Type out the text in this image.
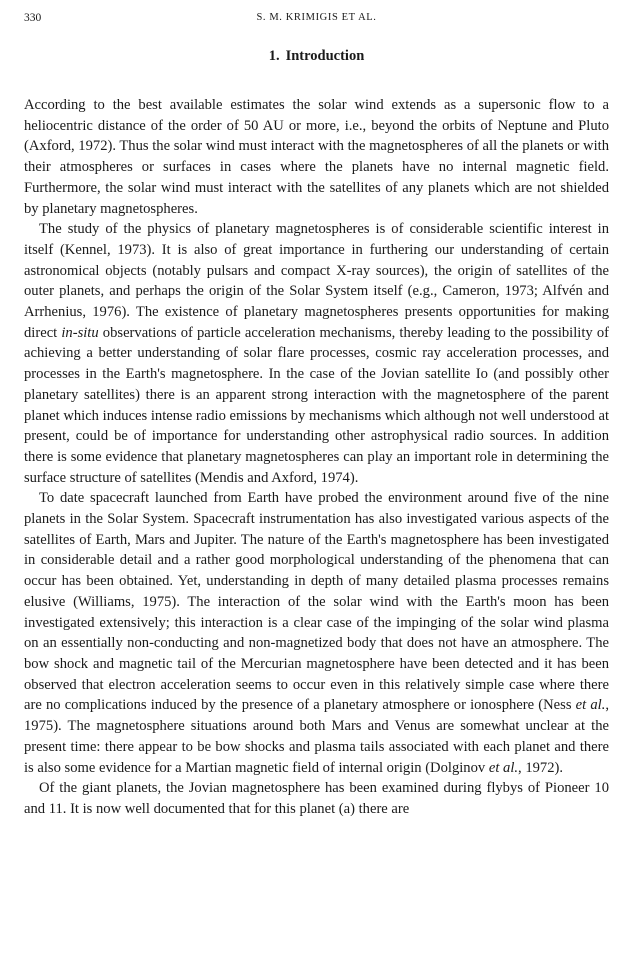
330	S. M. KRIMIGIS ET AL.
1. Introduction

According to the best available estimates the solar wind extends as a supersonic flow to a heliocentric distance of the order of 50 AU or more, i.e., beyond the orbits of Neptune and Pluto (Axford, 1972). Thus the solar wind must interact with the magnetospheres of all the planets or with their atmospheres or surfaces in cases where the planets have no internal magnetic field. Furthermore, the solar wind must interact with the satellites of any planets which are not shielded by planetary magnetospheres.

The study of the physics of planetary magnetospheres is of considerable scientific interest in itself (Kennel, 1973). It is also of great importance in furthering our understanding of certain astronomical objects (notably pulsars and compact X-ray sources), the origin of satellites of the outer planets, and perhaps the origin of the Solar System itself (e.g., Cameron, 1973; Alfvén and Arrhenius, 1976). The existence of planetary magnetospheres presents opportunities for making direct in-situ observations of particle acceleration mechanisms, thereby leading to the possibility of achieving a better understanding of solar flare processes, cosmic ray acceleration processes, and processes in the Earth's magnetosphere. In the case of the Jovian satellite Io (and possibly other planetary satellites) there is an apparent strong interaction with the magnetosphere of the parent planet which induces intense radio emissions by mechanisms which although not well understood at present, could be of importance for understanding other astrophysical radio sources. In addition there is some evidence that planetary magnetospheres can play an important role in determining the surface structure of satellites (Mendis and Axford, 1974).

To date spacecraft launched from Earth have probed the environment around five of the nine planets in the Solar System. Spacecraft instrumentation has also investigated various aspects of the satellites of Earth, Mars and Jupiter. The nature of the Earth's magnetosphere has been investigated in considerable detail and a rather good morphological understanding of the phenomena that can occur has been obtained. Yet, understanding in depth of many detailed plasma processes remains elusive (Williams, 1975). The interaction of the solar wind with the Earth's moon has been investigated extensively; this interaction is a clear case of the impinging of the solar wind plasma on an essentially non-conducting and non-magnetized body that does not have an atmosphere. The bow shock and magnetic tail of the Mercurian magnetosphere have been detected and it has been observed that electron acceleration seems to occur even in this relatively simple case where there are no complications induced by the presence of a planetary atmosphere or ionosphere (Ness et al., 1975). The magnetosphere situations around both Mars and Venus are somewhat unclear at the present time: there appear to be bow shocks and plasma tails associated with each planet and there is also some evidence for a Martian magnetic field of internal origin (Dolginov et al., 1972).

Of the giant planets, the Jovian magnetosphere has been examined during flybys of Pioneer 10 and 11. It is now well documented that for this planet (a) there are
